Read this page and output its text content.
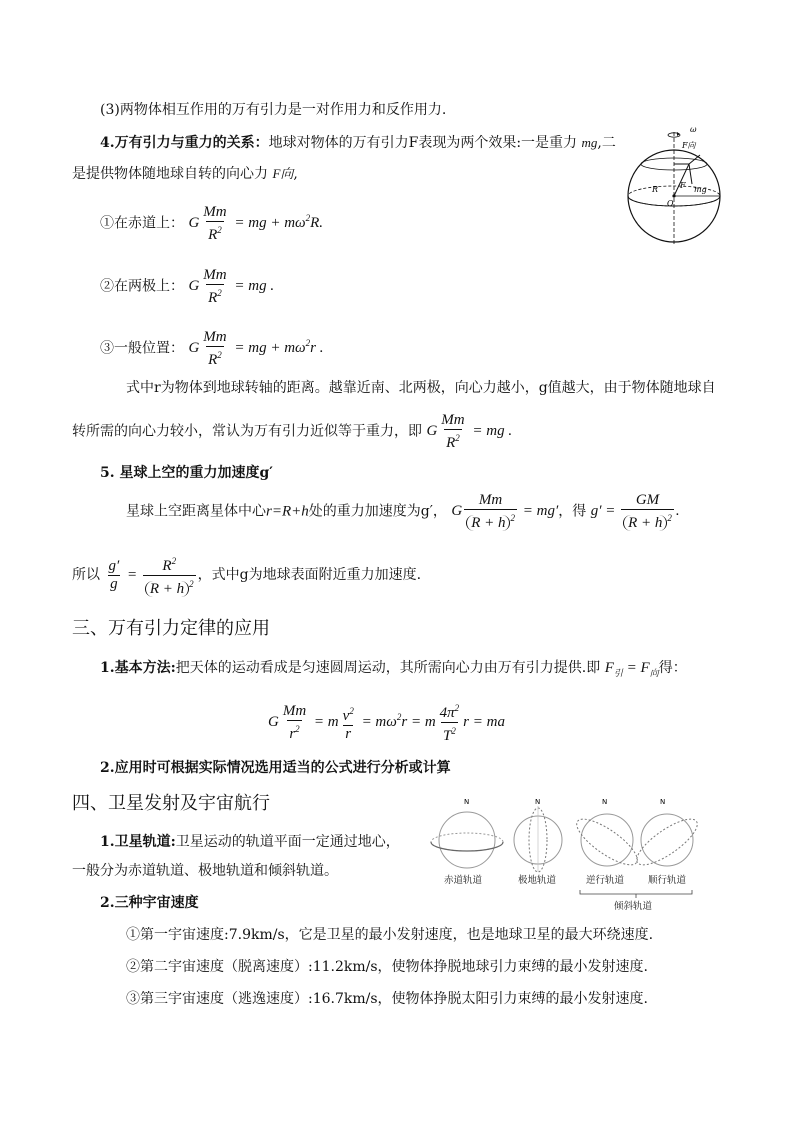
(3)两物体相互作用的万有引力是一对作用力和反作用力.
4.万有引力与重力的关系：地球对物体的万有引力F表现为两个效果:一是重力 mg,二
是提供物体随地球自转的向心力 F向,
①在赤道上： G $\frac{Mm}{R^2}$ = mg + $m\omega^2R$.
②在两极上： G $\frac{Mm}{R^2}$ = mg .
③一般位置： G $\frac{Mm}{R^2}$ = mg + $m\omega^2r$ .
式中r为物体到地球转轴的距离。越靠近南、北两极，向心力越小，g值越大，由于物体随地球自
转所需的向心力较小，常认为万有引力近似等于重力，即 G $\frac{Mm}{R^2}$ = mg .
5. 星球上空的重力加速度g′
星球上空距离星体中心r=R+h处的重力加速度为g′， G $\frac{Mm}{R + h ^2} = mg'$，得 $g' = \frac{GM}{R + h ^2}$ .
所以 $\frac{g'}{g} = \frac{R^2}{R + h ^2}$ ，式中g为地球表面附近重力加速度.
三、万有引力定律的应用
1.基本方法:把天体的运动看成是匀速圆周运动，其所需向心力由万有引力提供.即 $F_引 = F_向$得：
G $\frac{Mm}{r^2} = m \frac{v^2}{r} = m\omega^2r = m \frac{4\pi^2}{T^2}$ r = ma
2.应用时可根据实际情况选用适当的公式进行分析或计算
四、卫星发射及宇宙航行
1.卫星轨道:卫星运动的轨道平面一定通过地心，
一般分为赤道轨道、极地轨道和倾斜轨道。
2.三种宇宙速度
①第一宇宙速度:7.9km/s，它是卫星的最小发射速度，也是地球卫星的最大环绕速度.
②第二宇宙速度（脱离速度）:11.2km/s，使物体挣脱地球引力束缚的最小发射速度.
③第三宇宙速度（逃逸速度）:16.7km/s，使物体挣脱太阳引力束缚的最小发射速度.
ω
F向
F
R
O
mg
N	N	N	N
赤道轨道	极地轨道	逆行轨道	顺行轨道
倾斜轨道
